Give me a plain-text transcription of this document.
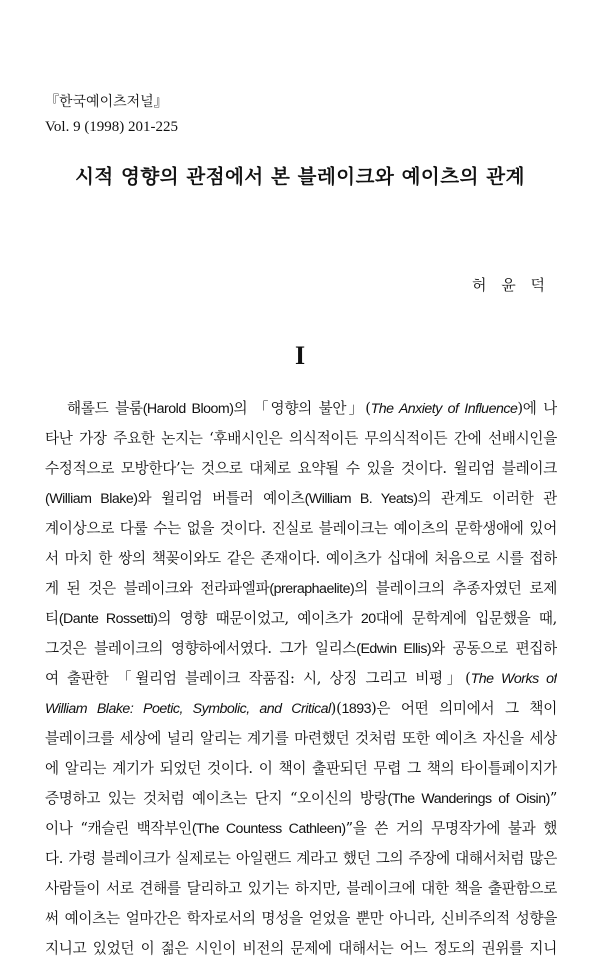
『한국예이츠저널』

Vol. 9 (1998) 201-225

시적 영향의 관점에서 본 블레이크와 예이츠의 관계

허 윤 덕

I
해롤드 블룸(Harold Bloom)의 「영향의 불안」(The Anxiety of Influence)에 나
타난 가장 주요한 논지는 ‘후배시인은 의식적이든 무의식적이든 간에 선배시인을
수정적으로 모방한다’는 것으로 대체로 요약될 수 있을 것이다. 윌리엄 블레이크
(William Blake)와 윌리엄 버틀러 예이츠(William B. Yeats)의 관계도 이러한 관
계이상으로 다룰 수는 없을 것이다. 진실로 블레이크는 예이츠의 문학생애에 있어
서 마치 한 쌍의 책꽂이와도 같은 존재이다. 예이츠가 십대에 처음으로 시를 접하
게 된 것은 블레이크와 전라파엘파(preraphaelite)의 블레이크의 추종자였던 로제
티(Dante Rossetti)의 영향 때문이었고, 예이츠가 20대에 문학계에 입문했을 때,
그것은 블레이크의 영향하에서였다. 그가 일리스(Edwin Ellis)와 공동으로 편집하
여 출판한 「윌리엄 블레이크 작품집: 시, 상징 그리고 비평」(The Works of
William Blake: Poetic, Symbolic, and Critical)(1893)은 어떤 의미에서 그 책이
블레이크를 세상에 널리 알리는 계기를 마련했던 것처럼 또한 예이츠 자신을 세상
에 알리는 계기가 되었던 것이다. 이 책이 출판되던 무렵 그 책의 타이틀페이지가
증명하고 있는 것처럼 예이츠는 단지 “오이신의 방랑(The Wanderings of Oisin)”
이나 “캐슬린 백작부인(The Countess Cathleen)”을 쓴 거의 무명작가에 불과 했
다. 가령 블레이크가 실제로는 아일랜드 계라고 했던 그의 주장에 대해서처럼 많은
사람들이 서로 견해를 달리하고 있기는 하지만, 블레이크에 대한 책을 출판함으로
써 예이츠는 얼마간은 학자로서의 명성을 얻었을 뿐만 아니라, 신비주의적 성향을
지니고 있었던 이 젊은 시인이 비전의 문제에 대해서는 어느 정도의 권위를 지니
